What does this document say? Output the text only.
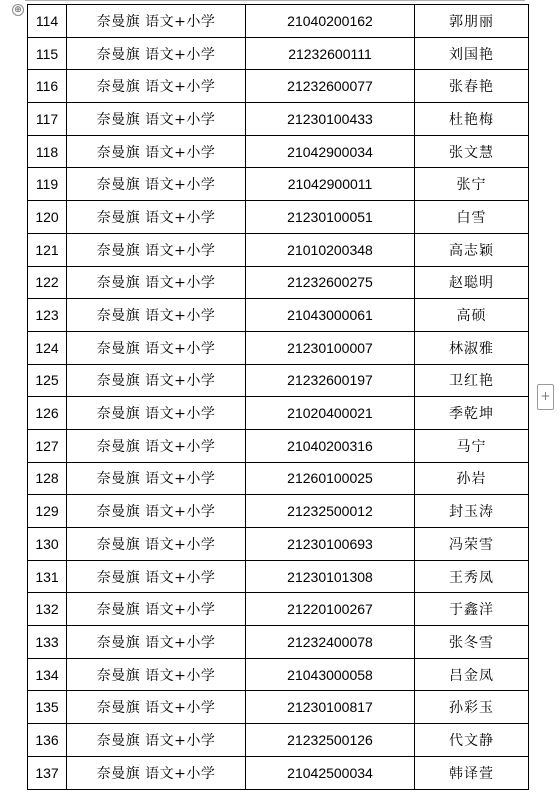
⊕
114	奈曼旗 语文+小学	21040200162	郭朋丽
115	奈曼旗 语文+小学	21232600111	刘国艳
116	奈曼旗 语文+小学	21232600077	张春艳
117	奈曼旗 语文+小学	21230100433	杜艳梅
118	奈曼旗 语文+小学	21042900034	张文慧
119	奈曼旗 语文+小学	21042900011	张宁
120	奈曼旗 语文+小学	21230100051	白雪
121	奈曼旗 语文+小学	21010200348	高志颖
122	奈曼旗 语文+小学	21232600275	赵聪明
123	奈曼旗 语文+小学	21043000061	高硕
124	奈曼旗 语文+小学	21230100007	林淑雅
125	奈曼旗 语文+小学	21232600197	卫红艳
126	奈曼旗 语文+小学	21020400021	季乾坤
127	奈曼旗 语文+小学	21040200316	马宁
128	奈曼旗 语文+小学	21260100025	孙岩
129	奈曼旗 语文+小学	21232500012	封玉涛
130	奈曼旗 语文+小学	21230100693	冯荣雪
131	奈曼旗 语文+小学	21230101308	王秀凤
132	奈曼旗 语文+小学	21220100267	于鑫洋
133	奈曼旗 语文+小学	21232400078	张冬雪
134	奈曼旗 语文+小学	21043000058	吕金凤
135	奈曼旗 语文+小学	21230100817	孙彩玉
136	奈曼旗 语文+小学	21232500126	代文静
137	奈曼旗 语文+小学	21042500034	韩译萱
+
